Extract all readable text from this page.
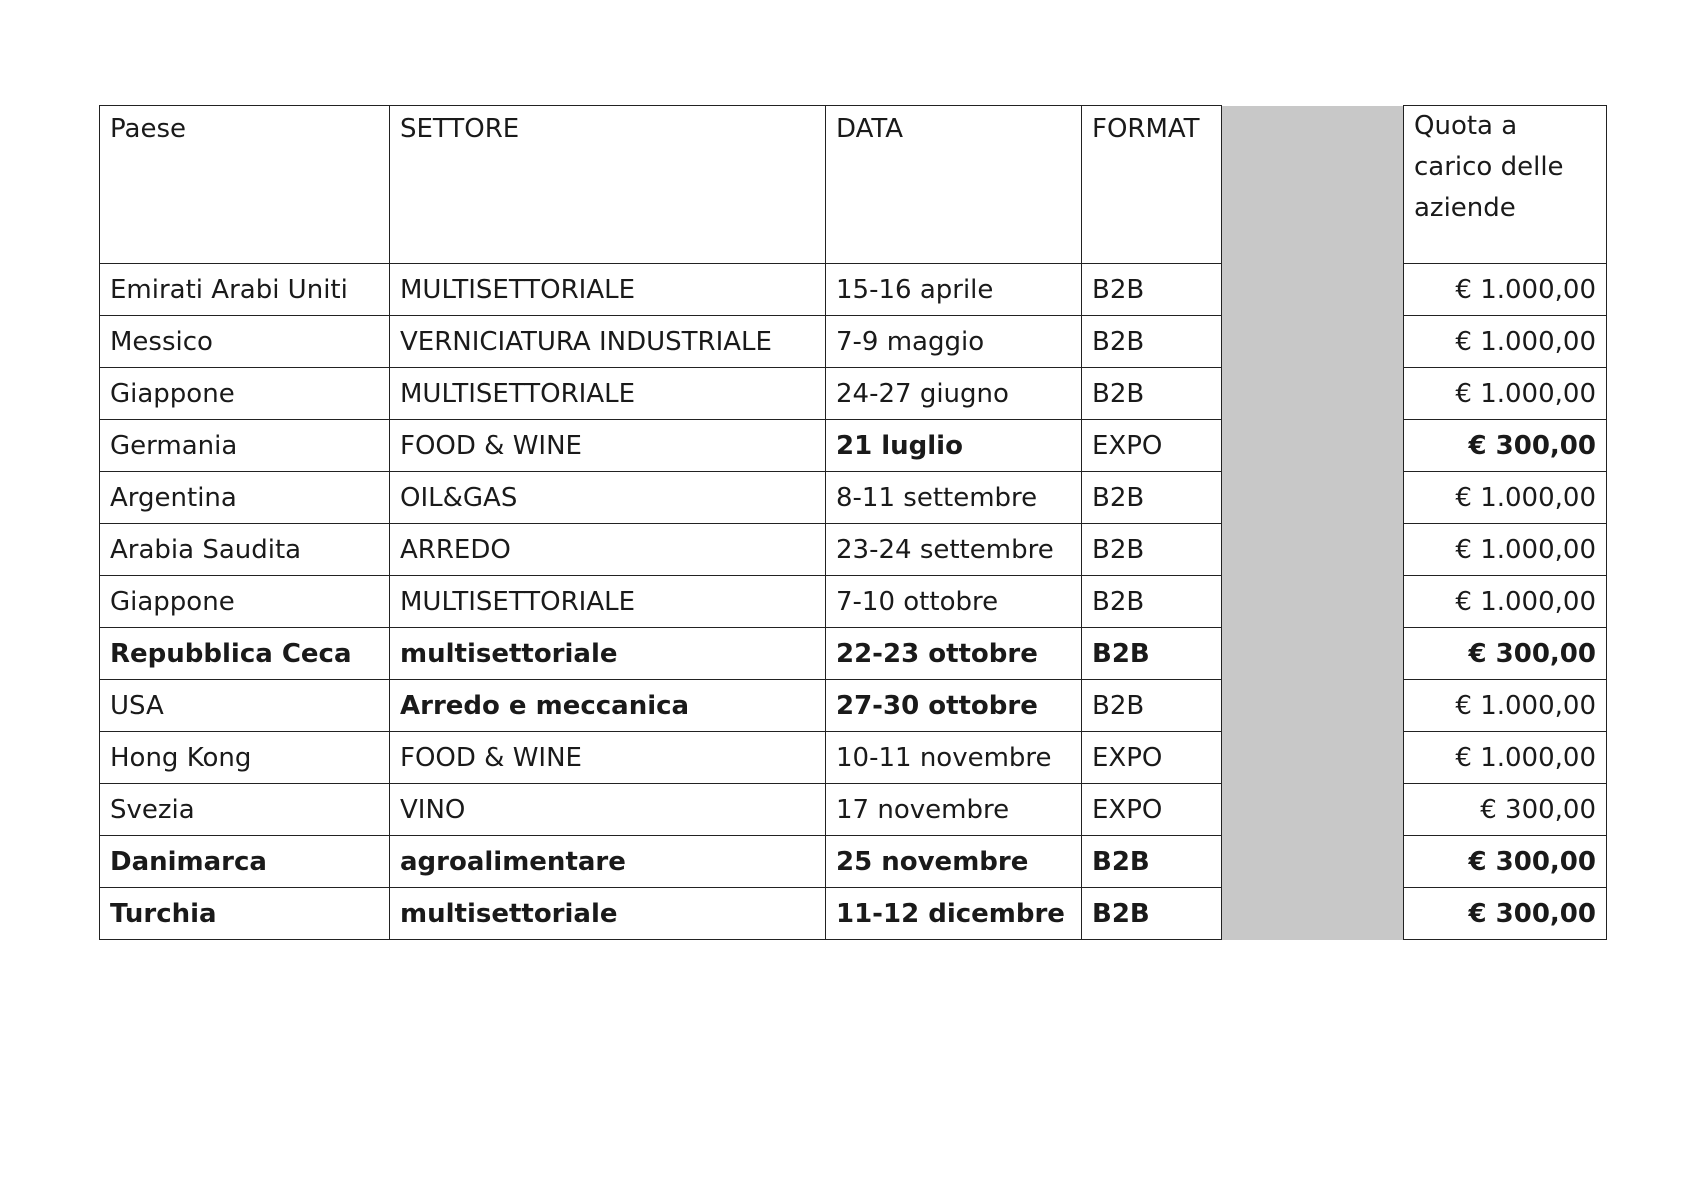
Paese	SETTORE	DATA	FORMAT		Quota a carico delle aziende
Emirati Arabi Uniti	MULTISETTORIALE	15-16 aprile	B2B		€ 1.000,00
Messico	VERNICIATURA INDUSTRIALE	7-9 maggio	B2B		€ 1.000,00
Giappone	MULTISETTORIALE	24-27 giugno	B2B		€ 1.000,00
Germania	FOOD & WINE	21 luglio	EXPO		€ 300,00
Argentina	OIL&GAS	8-11 settembre	B2B		€ 1.000,00
Arabia Saudita	ARREDO	23-24 settembre	B2B		€ 1.000,00
Giappone	MULTISETTORIALE	7-10 ottobre	B2B		€ 1.000,00
Repubblica Ceca	multisettoriale	22-23 ottobre	B2B		€ 300,00
USA	Arredo e meccanica	27-30 ottobre	B2B		€ 1.000,00
Hong Kong	FOOD & WINE	10-11 novembre	EXPO		€ 1.000,00
Svezia	VINO	17 novembre	EXPO		€ 300,00
Danimarca	agroalimentare	25 novembre	B2B		€ 300,00
Turchia	multisettoriale	11-12 dicembre	B2B		€ 300,00
